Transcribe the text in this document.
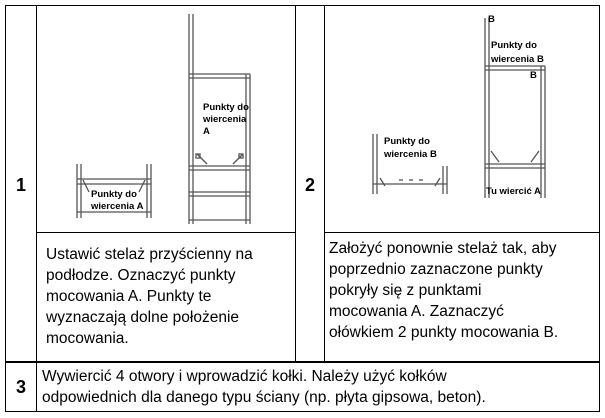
1	2
3
Punkty do
wiercenia A
Punkty do
wiercenia
A
Punkty do
wiercenia B
B
Punkty do
wiercenia B
B
Tu wiercić A
Ustawić stelaż przyścienny na
podłodze. Oznaczyć punkty
mocowania A. Punkty te
wyznaczają dolne położenie
mocowania.
Założyć ponownie stelaż tak, aby
poprzednio zaznaczone punkty
pokryły się z punktami
mocowania A. Zaznaczyć
ołówkiem 2 punkty mocowania B.
Wywiercić 4 otwory i wprowadzić kołki. Należy użyć kołków
odpowiednich dla danego typu ściany (np. płyta gipsowa, beton).
